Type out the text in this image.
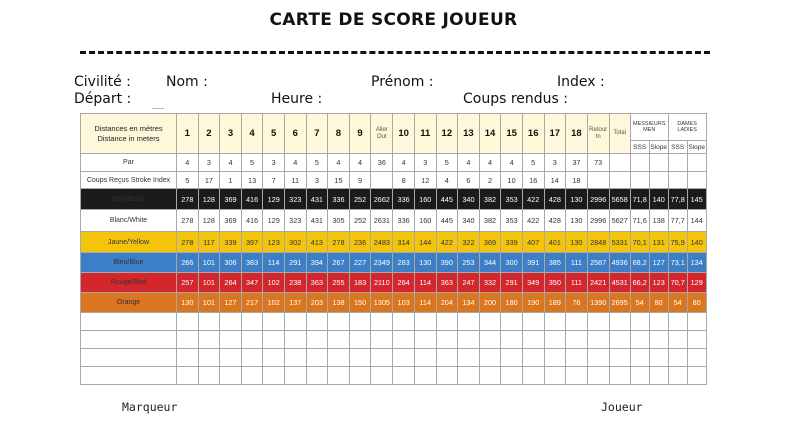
CARTE DE SCORE JOUEUR
Civilité :	Nom :	Prénom :	Index :
Départ :	Heure :	Coups rendus :
Distances en mètres Distance in meters	1	2	3	4	5	6	7	8	9	Aller Out	10	11	12	13	14	15	16	17	18	Retour In	Total	MESSIEURS MEN		DAMES LADIES	
																						SSS	Slope	SSS	Slope
Par	4	3	4	5	3	4	5	4	4	36	4	3	5	4	4	4	5	3	37	73					
Coups Reçus Stroke Index	5	17	1	13	7	11	3	15	9		8	12	4	6	2	10	16	14	18						
Noir/Black	278	128	369	416	129	323	431	336	252	2662	336	160	445	340	382	353	422	428	130	2996	5658	71,8	140	77,8	145
Blanc/White	278	128	369	416	129	323	431	305	252	2631	336	160	445	340	382	353	422	428	130	2996	5627	71,6	138	77,7	144
Jaune/Yellow	278	117	339	397	123	302	413	278	236	2483	314	144	422	322	369	339	407	401	130	2848	5331	70,1	131	75,9	140
Bleu/Blue	266	101	306	383	114	291	394	267	227	2349	283	130	390	253	344	300	391	385	111	2587	4936	68,2	127	73,1	134
Rouge/Red	257	101	264	347	102	238	363	255	183	2110	264	114	363	247	332	291	349	350	111	2421	4531	66,2	123	70,7	129
Orange	130	101	127	217	102	137	203	138	150	1305	103	114	204	134	200	180	190	189	76	1390	2695	54	80	54	80

Marqueur	Joueur
